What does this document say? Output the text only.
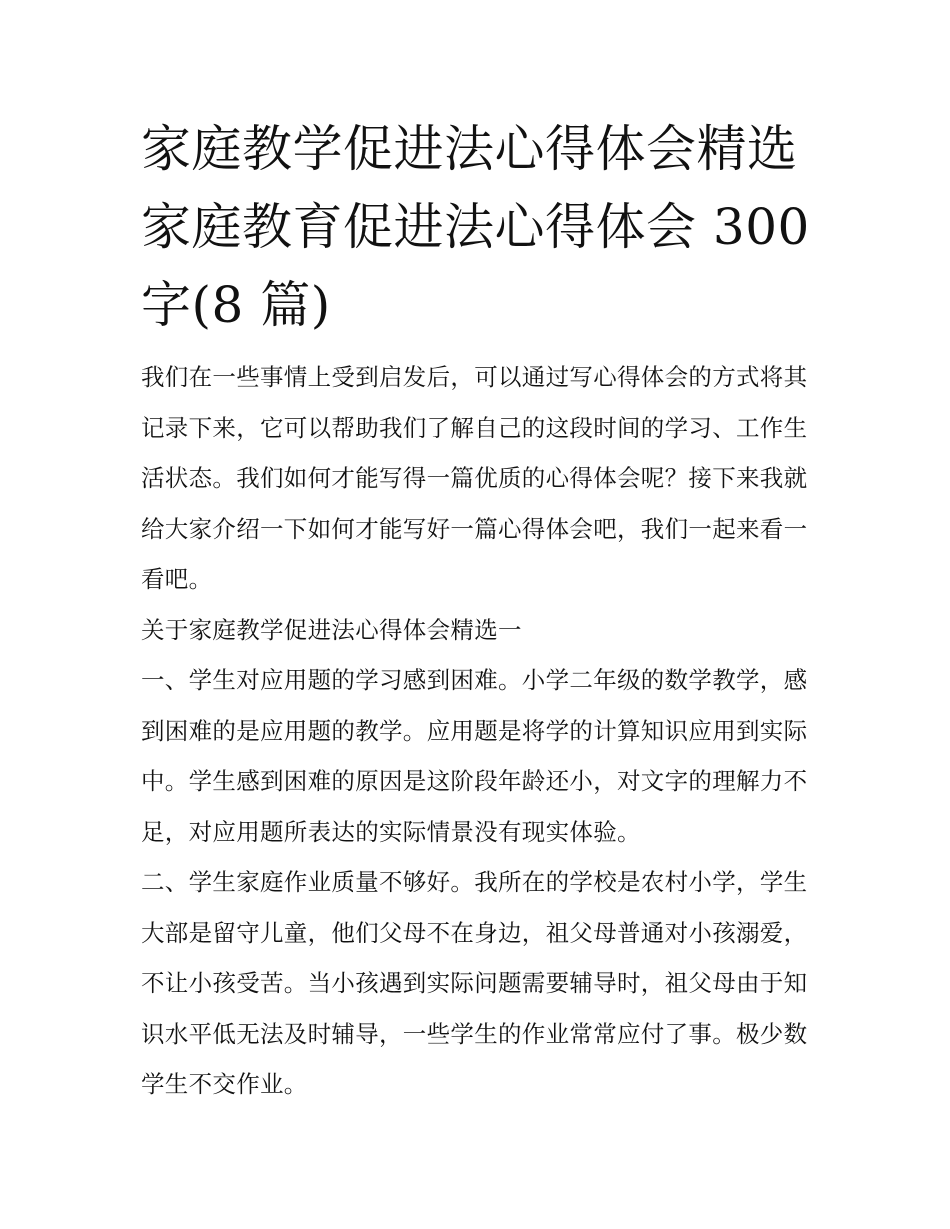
家庭教学促进法心得体会精选
家庭教育促进法心得体会 300
字(8 篇)

我们在一些事情上受到启发后，可以通过写心得体会的方式将其记录下来，它可以帮助我们了解自己的这段时间的学习、工作生活状态。我们如何才能写得一篇优质的心得体会呢？接下来我就给大家介绍一下如何才能写好一篇心得体会吧，我们一起来看一看吧。

关于家庭教学促进法心得体会精选一

一、学生对应用题的学习感到困难。小学二年级的数学教学，感到困难的是应用题的教学。应用题是将学的计算知识应用到实际中。学生感到困难的原因是这阶段年龄还小，对文字的理解力不足，对应用题所表达的实际情景没有现实体验。

二、学生家庭作业质量不够好。我所在的学校是农村小学，学生大部是留守儿童，他们父母不在身边，祖父母普通对小孩溺爱，不让小孩受苦。当小孩遇到实际问题需要辅导时，祖父母由于知识水平低无法及时辅导，一些学生的作业常常应付了事。极少数学生不交作业。
